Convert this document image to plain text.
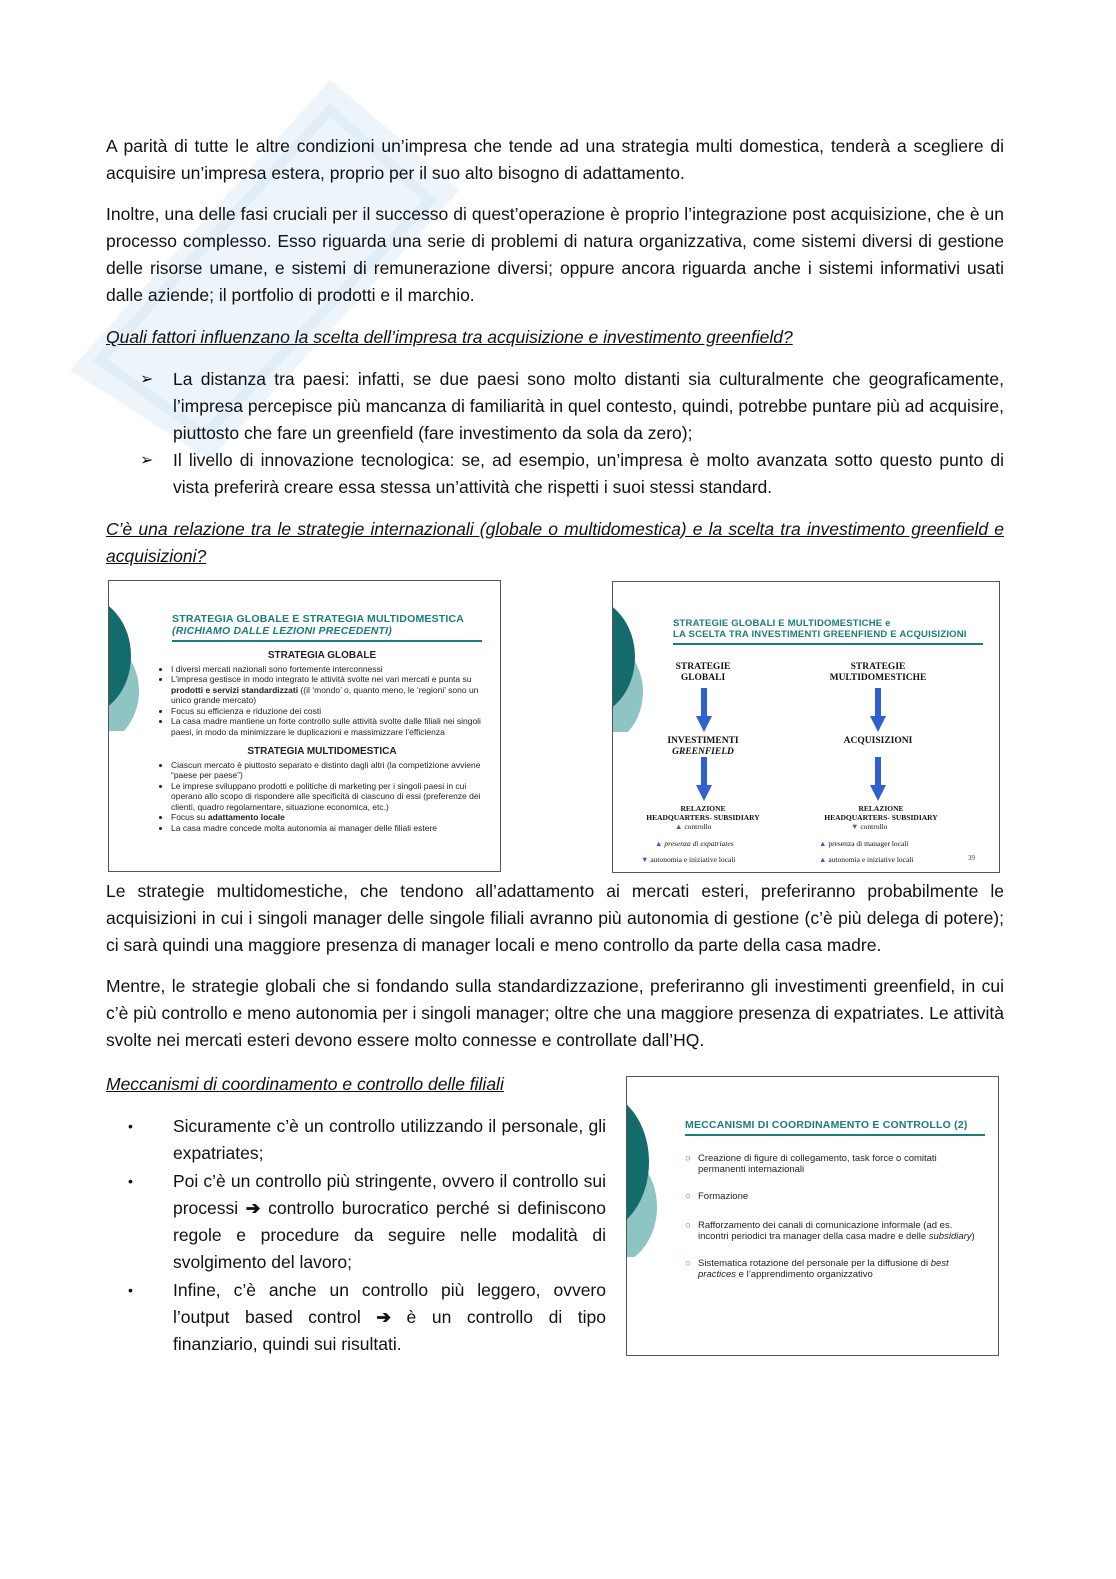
A parità di tutte le altre condizioni un’impresa che tende ad una strategia multi domestica, tenderà a scegliere di acquisire un’impresa estera, proprio per il suo alto bisogno di adattamento.
Inoltre, una delle fasi cruciali per il successo di quest’operazione è proprio l’integrazione post acquisizione, che è un processo complesso. Esso riguarda una serie di problemi di natura organizzativa, come sistemi diversi di gestione delle risorse umane, e sistemi di remunerazione diversi; oppure ancora riguarda anche i sistemi informativi usati dalle aziende; il portfolio di prodotti e il marchio.
Quali fattori influenzano la scelta dell’impresa tra acquisizione e investimento greenfield?
➢	La distanza tra paesi: infatti, se due paesi sono molto distanti sia culturalmente che geograficamente, l’impresa percepisce più mancanza di familiarità in quel contesto, quindi, potrebbe puntare più ad acquisire, piuttosto che fare un greenfield (fare investimento da sola da zero);
➢	Il livello di innovazione tecnologica: se, ad esempio, un’impresa è molto avanzata sotto questo punto di vista preferirà creare essa stessa un’attività che rispetti i suoi stessi standard.
C’è una relazione tra le strategie internazionali (globale o multidomestica) e la scelta tra investimento greenfield e acquisizioni?
STRATEGIA GLOBALE E STRATEGIA MULTIDOMESTICA
(RICHIAMO DALLE LEZIONI PRECEDENTI)
STRATEGIA GLOBALE
• I diversi mercati nazionali sono fortemente interconnessi
• L’impresa gestisce in modo integrato le attività svolte nei vari mercati e punta su prodotti e servizi standardizzati ((il ‘mondo’ o, quanto meno, le ‘regioni’ sono un unico grande mercato)
• Focus su efficienza e riduzione dei costi
• La casa madre mantiene un forte controllo sulle attività svolte dalle filiali nei singoli paesi, in modo da minimizzare le duplicazioni e massimizzare l’efficienza
STRATEGIA MULTIDOMESTICA
• Ciascun mercato è piuttosto separato e distinto dagli altri (la competizione avviene “paese per paese”)
• Le imprese sviluppano prodotti e politiche di marketing per i singoli paesi in cui operano allo scopo di rispondere alle specificità di ciascuno di essi (preferenze dei clienti, quadro regolamentare, situazione economica, etc.)
• Focus su adattamento locale
• La casa madre concede molta autonomia ai manager delle filiali estere
STRATEGIE GLOBALI E MULTIDOMESTICHE e
LA SCELTA TRA INVESTIMENTI GREENFIEND E ACQUISIZIONI
STRATEGIE
GLOBALI
STRATEGIE
MULTIDOMESTICHE
INVESTIMENTI
GREENFIELD
ACQUISIZIONI
RELAZIONE
HEADQUARTERS- SUBSIDIARY
RELAZIONE
HEADQUARTERS- SUBSIDIARY
▲ controllo
▲ presenza di expatriates
▼ autonomia e iniziative locali
▼ controllo
▲ presenza di manager locali
▲ autonomia e iniziative locali	39
Le strategie multidomestiche, che tendono all’adattamento ai mercati esteri, preferiranno probabilmente le acquisizioni in cui i singoli manager delle singole filiali avranno più autonomia di gestione (c’è più delega di potere); ci sarà quindi una maggiore presenza di manager locali e meno controllo da parte della casa madre.
Mentre, le strategie globali che si fondando sulla standardizzazione, preferiranno gli investimenti greenfield, in cui c’è più controllo e meno autonomia per i singoli manager; oltre che una maggiore presenza di expatriates. Le attività svolte nei mercati esteri devono essere molto connesse e controllate dall’HQ.
Meccanismi di coordinamento e controllo delle filiali
•	Sicuramente c’è un controllo utilizzando il personale, gli expatriates;
•	Poi c’è un controllo più stringente, ovvero il controllo sui processi ➔ controllo burocratico perché si definiscono regole e procedure da seguire nelle modalità di svolgimento del lavoro;
•	Infine, c’è anche un controllo più leggero, ovvero l’output based control ➔ è un controllo di tipo finanziario, quindi sui risultati.
MECCANISMI DI COORDINAMENTO E CONTROLLO (2)
○ Creazione di figure di collegamento, task force o comitati permanenti internazionali
○ Formazione
○ Rafforzamento dei canali di comunicazione informale (ad es. incontri periodici tra manager della casa madre e delle subsidiary)
○ Sistematica rotazione del personale per la diffusione di best practices e l’apprendimento organizzativo
